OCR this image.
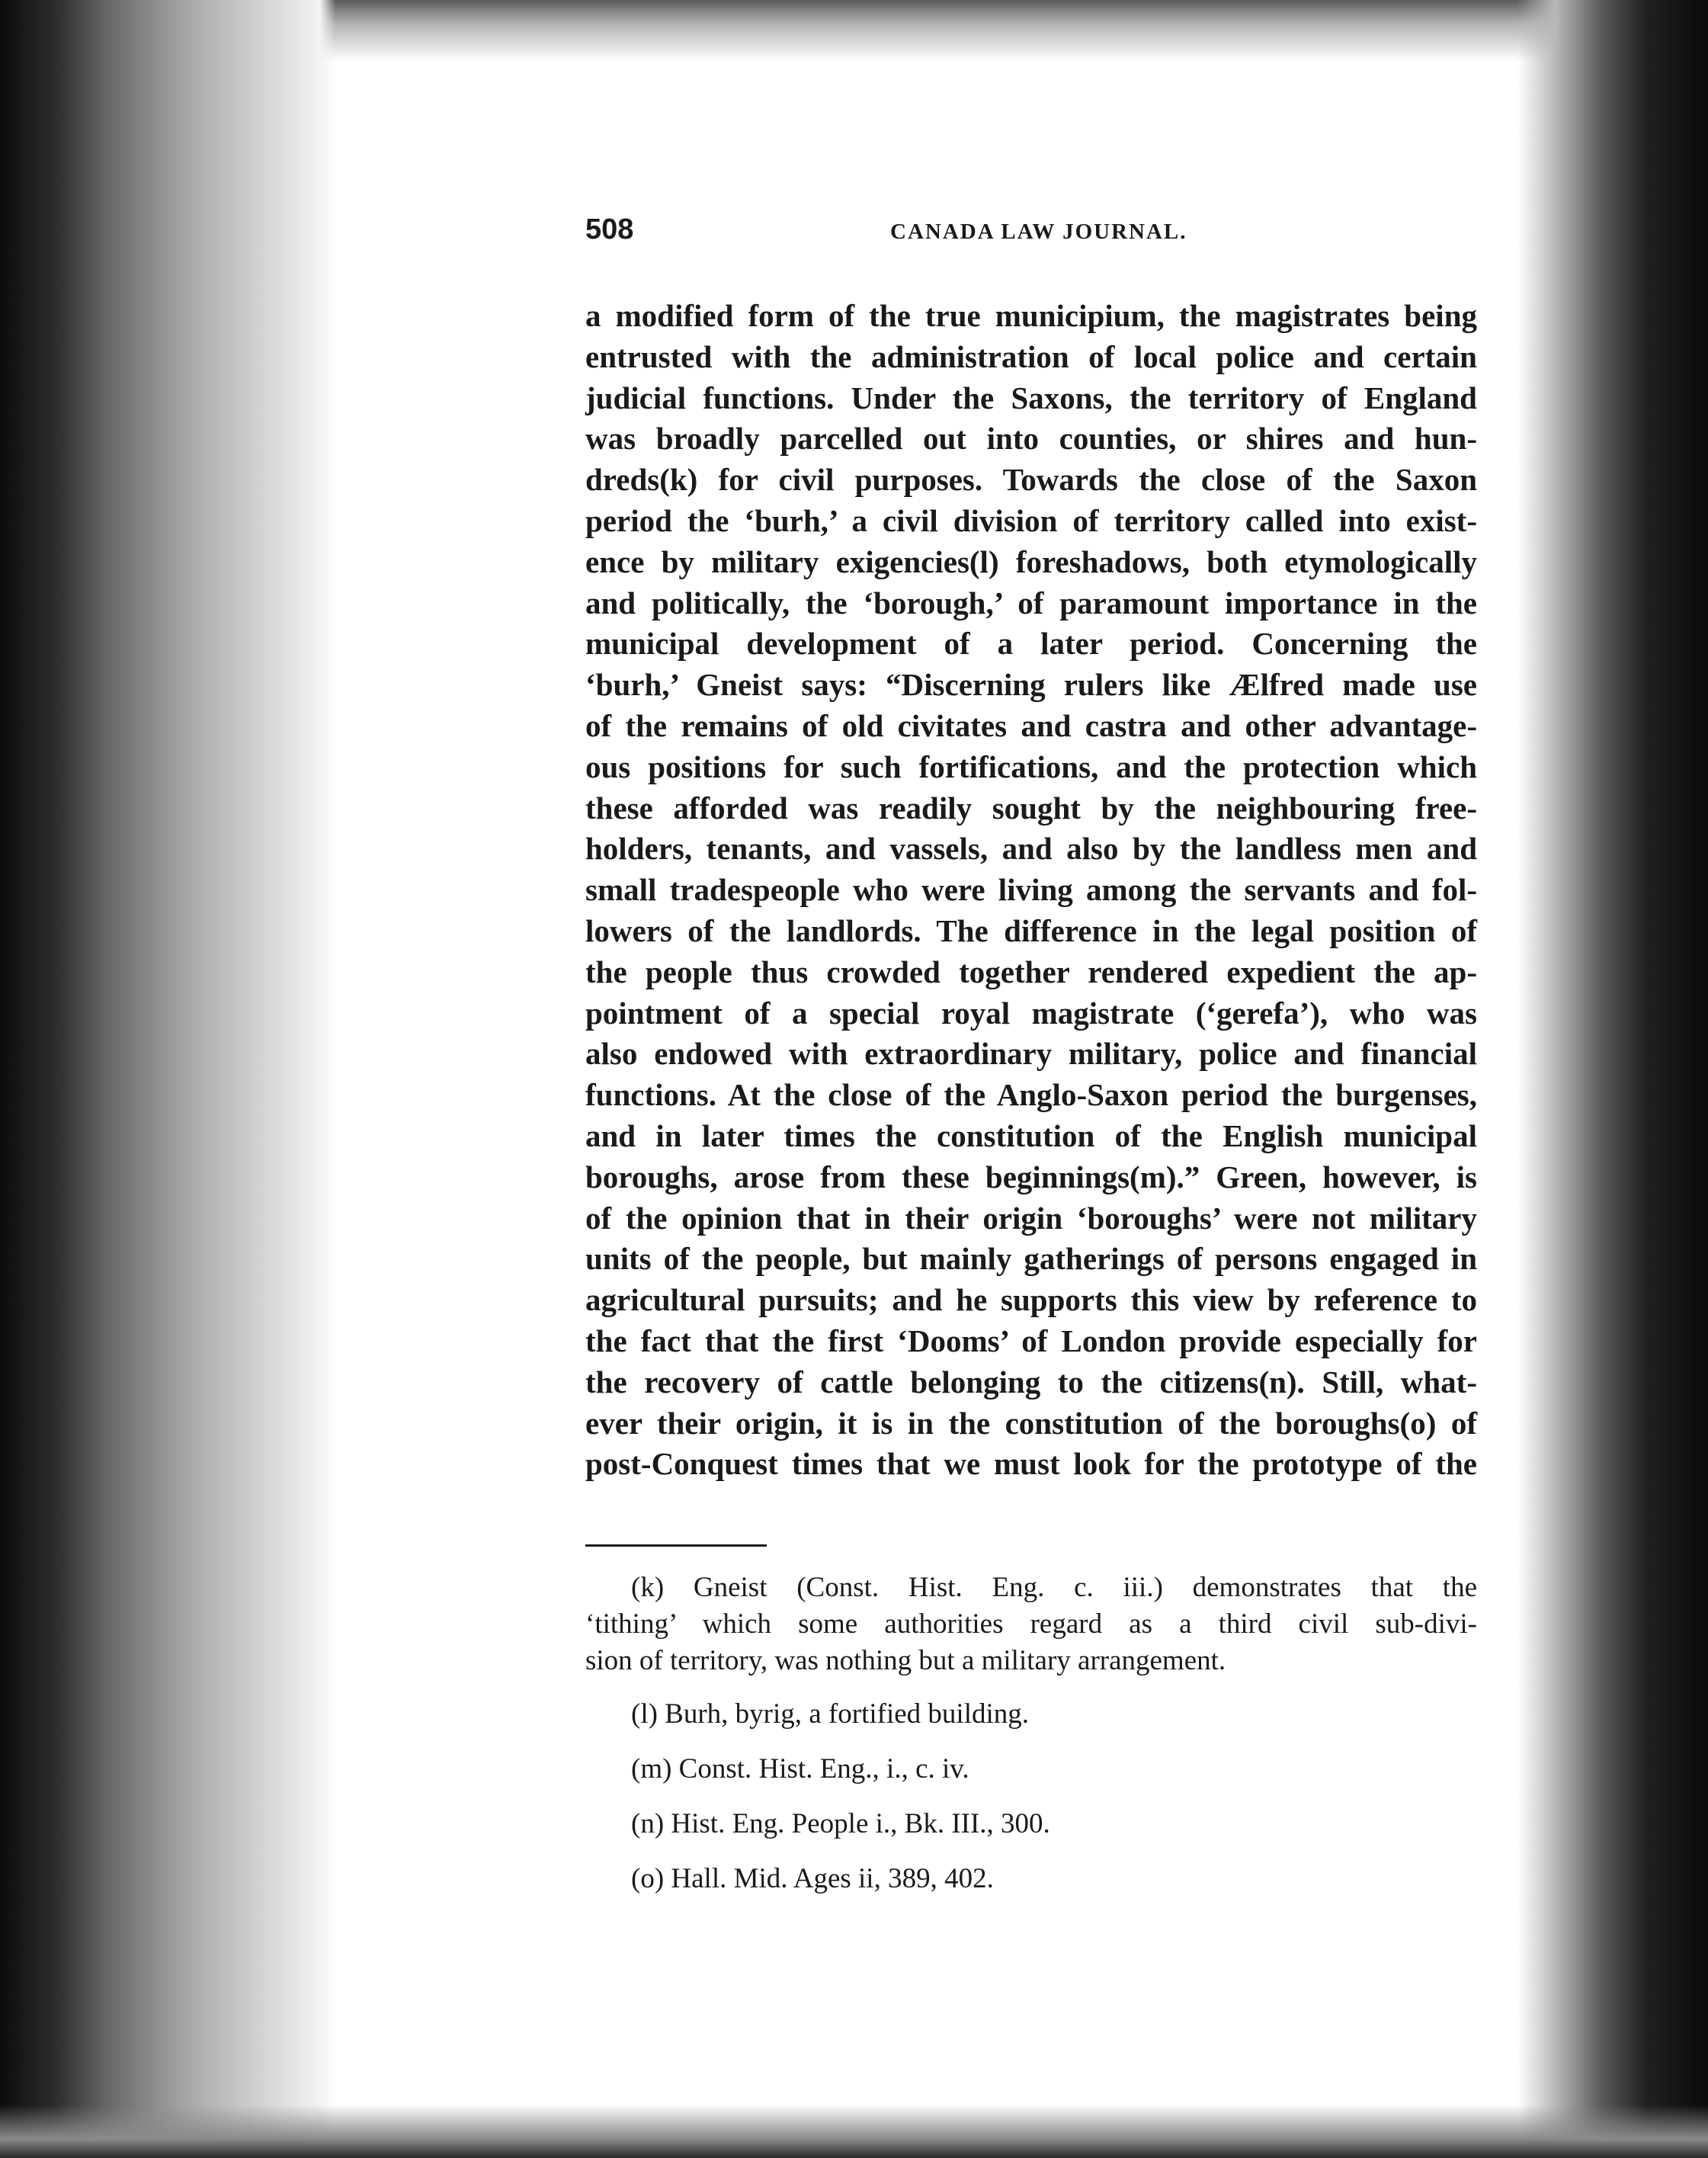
508	CANADA LAW JOURNAL.
a modified form of the true municipium, the magistrates being
entrusted with the administration of local police and certain
judicial functions. Under the Saxons, the territory of England
was broadly parcelled out into counties, or shires and hun-
dreds(k) for civil purposes. Towards the close of the Saxon
period the ‘burh,’ a civil division of territory called into exist-
ence by military exigencies(l) foreshadows, both etymologically
and politically, the ‘borough,’ of paramount importance in the
municipal development of a later period. Concerning the
‘burh,’ Gneist says: “Discerning rulers like Ælfred made use
of the remains of old civitates and castra and other advantage-
ous positions for such fortifications, and the protection which
these afforded was readily sought by the neighbouring free-
holders, tenants, and vassels, and also by the landless men and
small tradespeople who were living among the servants and fol-
lowers of the landlords. The difference in the legal position of
the people thus crowded together rendered expedient the ap-
pointment of a special royal magistrate (‘gerefa’), who was
also endowed with extraordinary military, police and financial
functions. At the close of the Anglo-Saxon period the burgenses,
and in later times the constitution of the English municipal
boroughs, arose from these beginnings(m).” Green, however, is
of the opinion that in their origin ‘boroughs’ were not military
units of the people, but mainly gatherings of persons engaged in
agricultural pursuits; and he supports this view by reference to
the fact that the first ‘Dooms’ of London provide especially for
the recovery of cattle belonging to the citizens(n). Still, what-
ever their origin, it is in the constitution of the boroughs(o) of
post-Conquest times that we must look for the prototype of the
(k) Gneist (Const. Hist. Eng. c. iii.) demonstrates that the
‘tithing’ which some authorities regard as a third civil sub-divi-
sion of territory, was nothing but a military arrangement.
(l) Burh, byrig, a fortified building.
(m) Const. Hist. Eng., i., c. iv.
(n) Hist. Eng. People i., Bk. III., 300.
(o) Hall. Mid. Ages ii, 389, 402.
